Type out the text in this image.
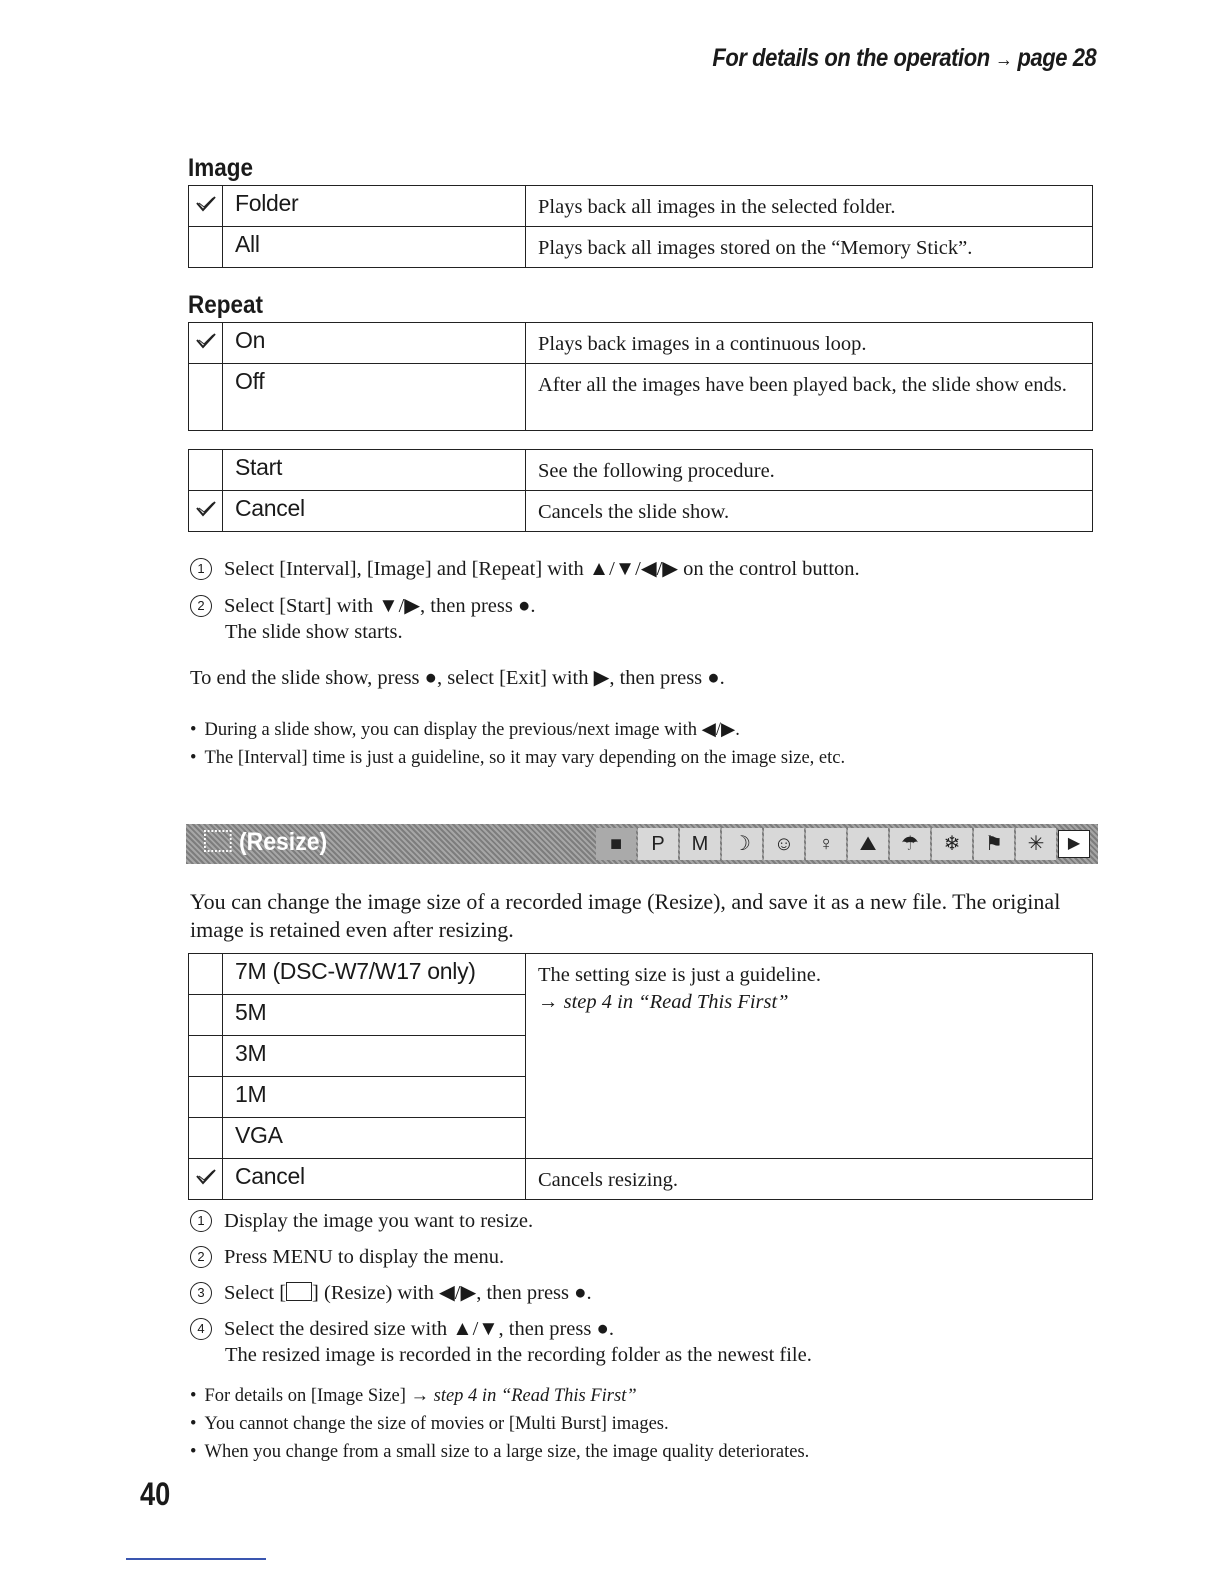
For details on the operation → page 28
Image
	Folder	Plays back all images in the selected folder.
	All	Plays back all images stored on the “Memory Stick”.
Repeat
	On	Plays back images in a continuous loop.
	Off	After all the images have been played back, the slide show ends.
	Start	See the following procedure.
	Cancel	Cancels the slide show.
1 Select [Interval], [Image] and [Repeat] with ▲/▼/◀/▶ on the control button.
2 Select [Start] with ▼/▶, then press ●.
The slide show starts.
To end the slide show, press ●, select [Exit] with ▶, then press ●.
• During a slide show, you can display the previous/next image with ◀/▶.
• The [Interval] time is just a guideline, so it may vary depending on the image size, etc.
(Resize)	■	P	M	☽	☺	♀	⛰	☂	❄	⚑	✳	▶
You can change the image size of a recorded image (Resize), and save it as a new file. The original image is retained even after resizing.
	7M (DSC-W7/W17 only)	The setting size is just a guideline.
→ step 4 in “Read This First”

	5M	
	3M	
	1M	
	VGA	
	Cancel	Cancels resizing.
1 Display the image you want to resize.
2 Press MENU to display the menu.
3 Select [ ] (Resize) with ◀/▶, then press ●.
4 Select the desired size with ▲/▼, then press ●.
The resized image is recorded in the recording folder as the newest file.
• For details on [Image Size] → step 4 in “Read This First”
• You cannot change the size of movies or [Multi Burst] images.
• When you change from a small size to a large size, the image quality deteriorates.
40
